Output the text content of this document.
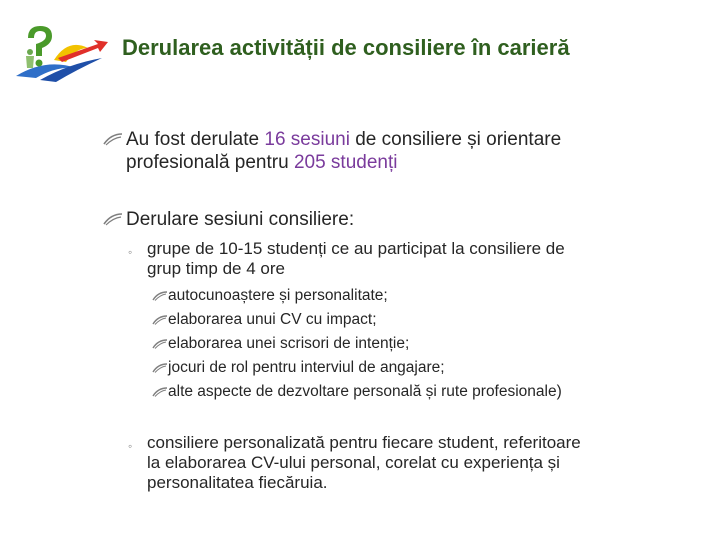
Derularea activității de consiliere în carieră
Au fost derulate 16 sesiuni de consiliere și orientare
profesională pentru 205 studenți
Derulare sesiuni consiliere:
◦ grupe de 10-15 studenți ce au participat la consiliere de
grup timp de 4 ore
autocunoaștere și personalitate;
elaborarea unui CV cu impact;
elaborarea unei scrisori de intenție;
jocuri de rol pentru interviul de angajare;
alte aspecte de dezvoltare personală și rute profesionale)
◦ consiliere personalizată pentru fiecare student, referitoare
la elaborarea CV-ului personal, corelat cu experiența și
personalitatea fiecăruia.
